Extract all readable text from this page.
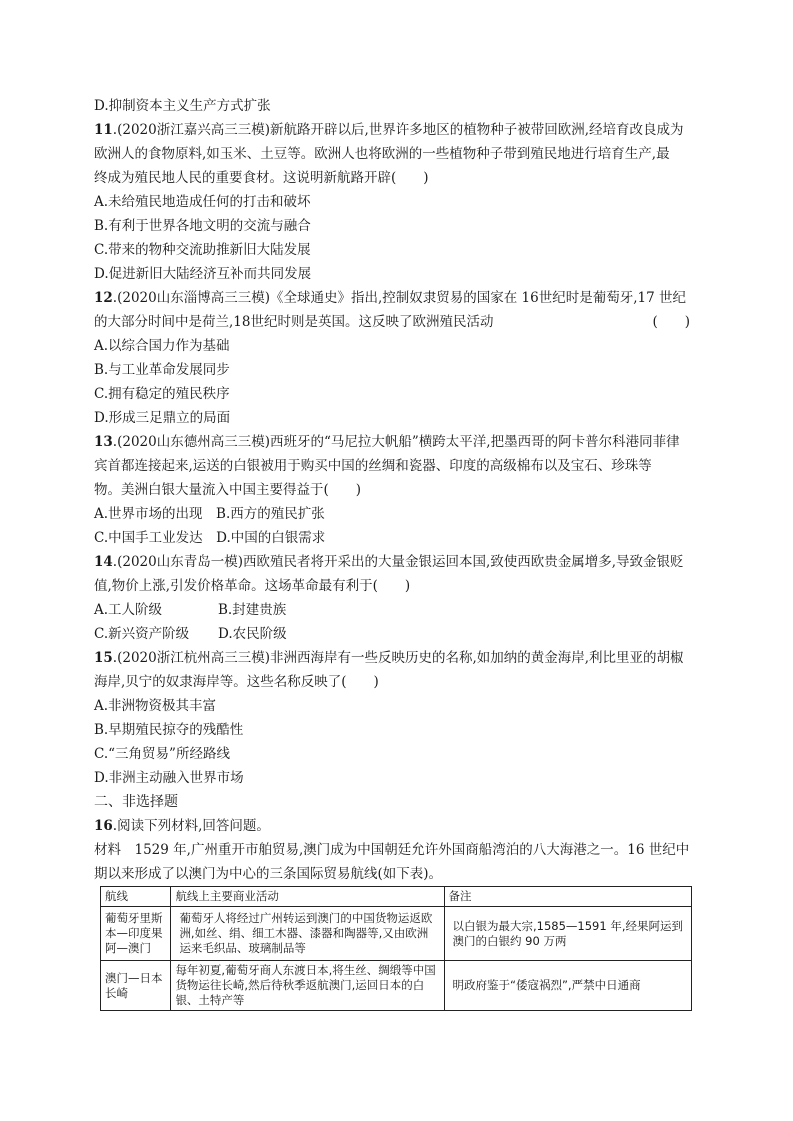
D.抑制资本主义生产方式扩张
11.(2020浙江嘉兴高三三模)新航路开辟以后,世界许多地区的植物种子被带回欧洲,经培育改良成为
欧洲人的食物原料,如玉米、土豆等。欧洲人也将欧洲的一些植物种子带到殖民地进行培育生产,最
终成为殖民地人民的重要食材。这说明新航路开辟(　　)
A.未给殖民地造成任何的打击和破坏
B.有利于世界各地文明的交流与融合
C.带来的物种交流助推新旧大陆发展
D.促进新旧大陆经济互补而共同发展
12.(2020山东淄博高三三模)《全球通史》指出,控制奴隶贸易的国家在 16世纪时是葡萄牙,17 世纪
的大部分时间中是荷兰,18世纪时则是英国。这反映了欧洲殖民活动	(　　)
A.以综合国力作为基础
B.与工业革命发展同步
C.拥有稳定的殖民秩序
D.形成三足鼎立的局面
13.(2020山东德州高三三模)西班牙的“马尼拉大帆船”横跨太平洋,把墨西哥的阿卡普尔科港同菲律
宾首都连接起来,运送的白银被用于购买中国的丝绸和瓷器、印度的高级棉布以及宝石、珍珠等
物。美洲白银大量流入中国主要得益于(　　)
A.世界市场的出现　 B.西方的殖民扩张
C.中国手工业发达　 D.中国的白银需求
14.(2020山东青岛一模)西欧殖民者将开采出的大量金银运回本国,致使西欧贵金属增多,导致金银贬
值,物价上涨,引发价格革命。这场革命最有利于(　　)
A.工人阶级	B.封建贵族
C.新兴资产阶级 D.农民阶级
15.(2020浙江杭州高三三模)非洲西海岸有一些反映历史的名称,如加纳的黄金海岸,利比里亚的胡椒
海岸,贝宁的奴隶海岸等。这些名称反映了(　　)
A.非洲物资极其丰富
B.早期殖民掠夺的残酷性
C.“三角贸易”所经路线
D.非洲主动融入世界市场
二、非选择题
16.阅读下列材料,回答问题。
材料　1529 年,广州重开市舶贸易,澳门成为中国朝廷允许外国商船湾泊的八大海港之一。16 世纪中
期以来形成了以澳门为中心的三条国际贸易航线(如下表)。
航线	航线上主要商业活动	备注
葡萄牙里斯本—印度果阿—澳门	葡萄牙人将经过广州转运到澳门的中国货物运返欧洲,如丝、绢、细工木器、漆器和陶器等,又由欧洲运来毛织品、玻璃制品等	以白银为最大宗,1585—1591 年,经果阿运到澳门的白银约 90 万两
澳门—日本长崎	每年初夏,葡萄牙商人东渡日本,将生丝、绸缎等中国货物运往长崎,然后待秋季返航澳门,运回日本的白银、土特产等	明政府鉴于“倭寇祸烈”,严禁中日通商
